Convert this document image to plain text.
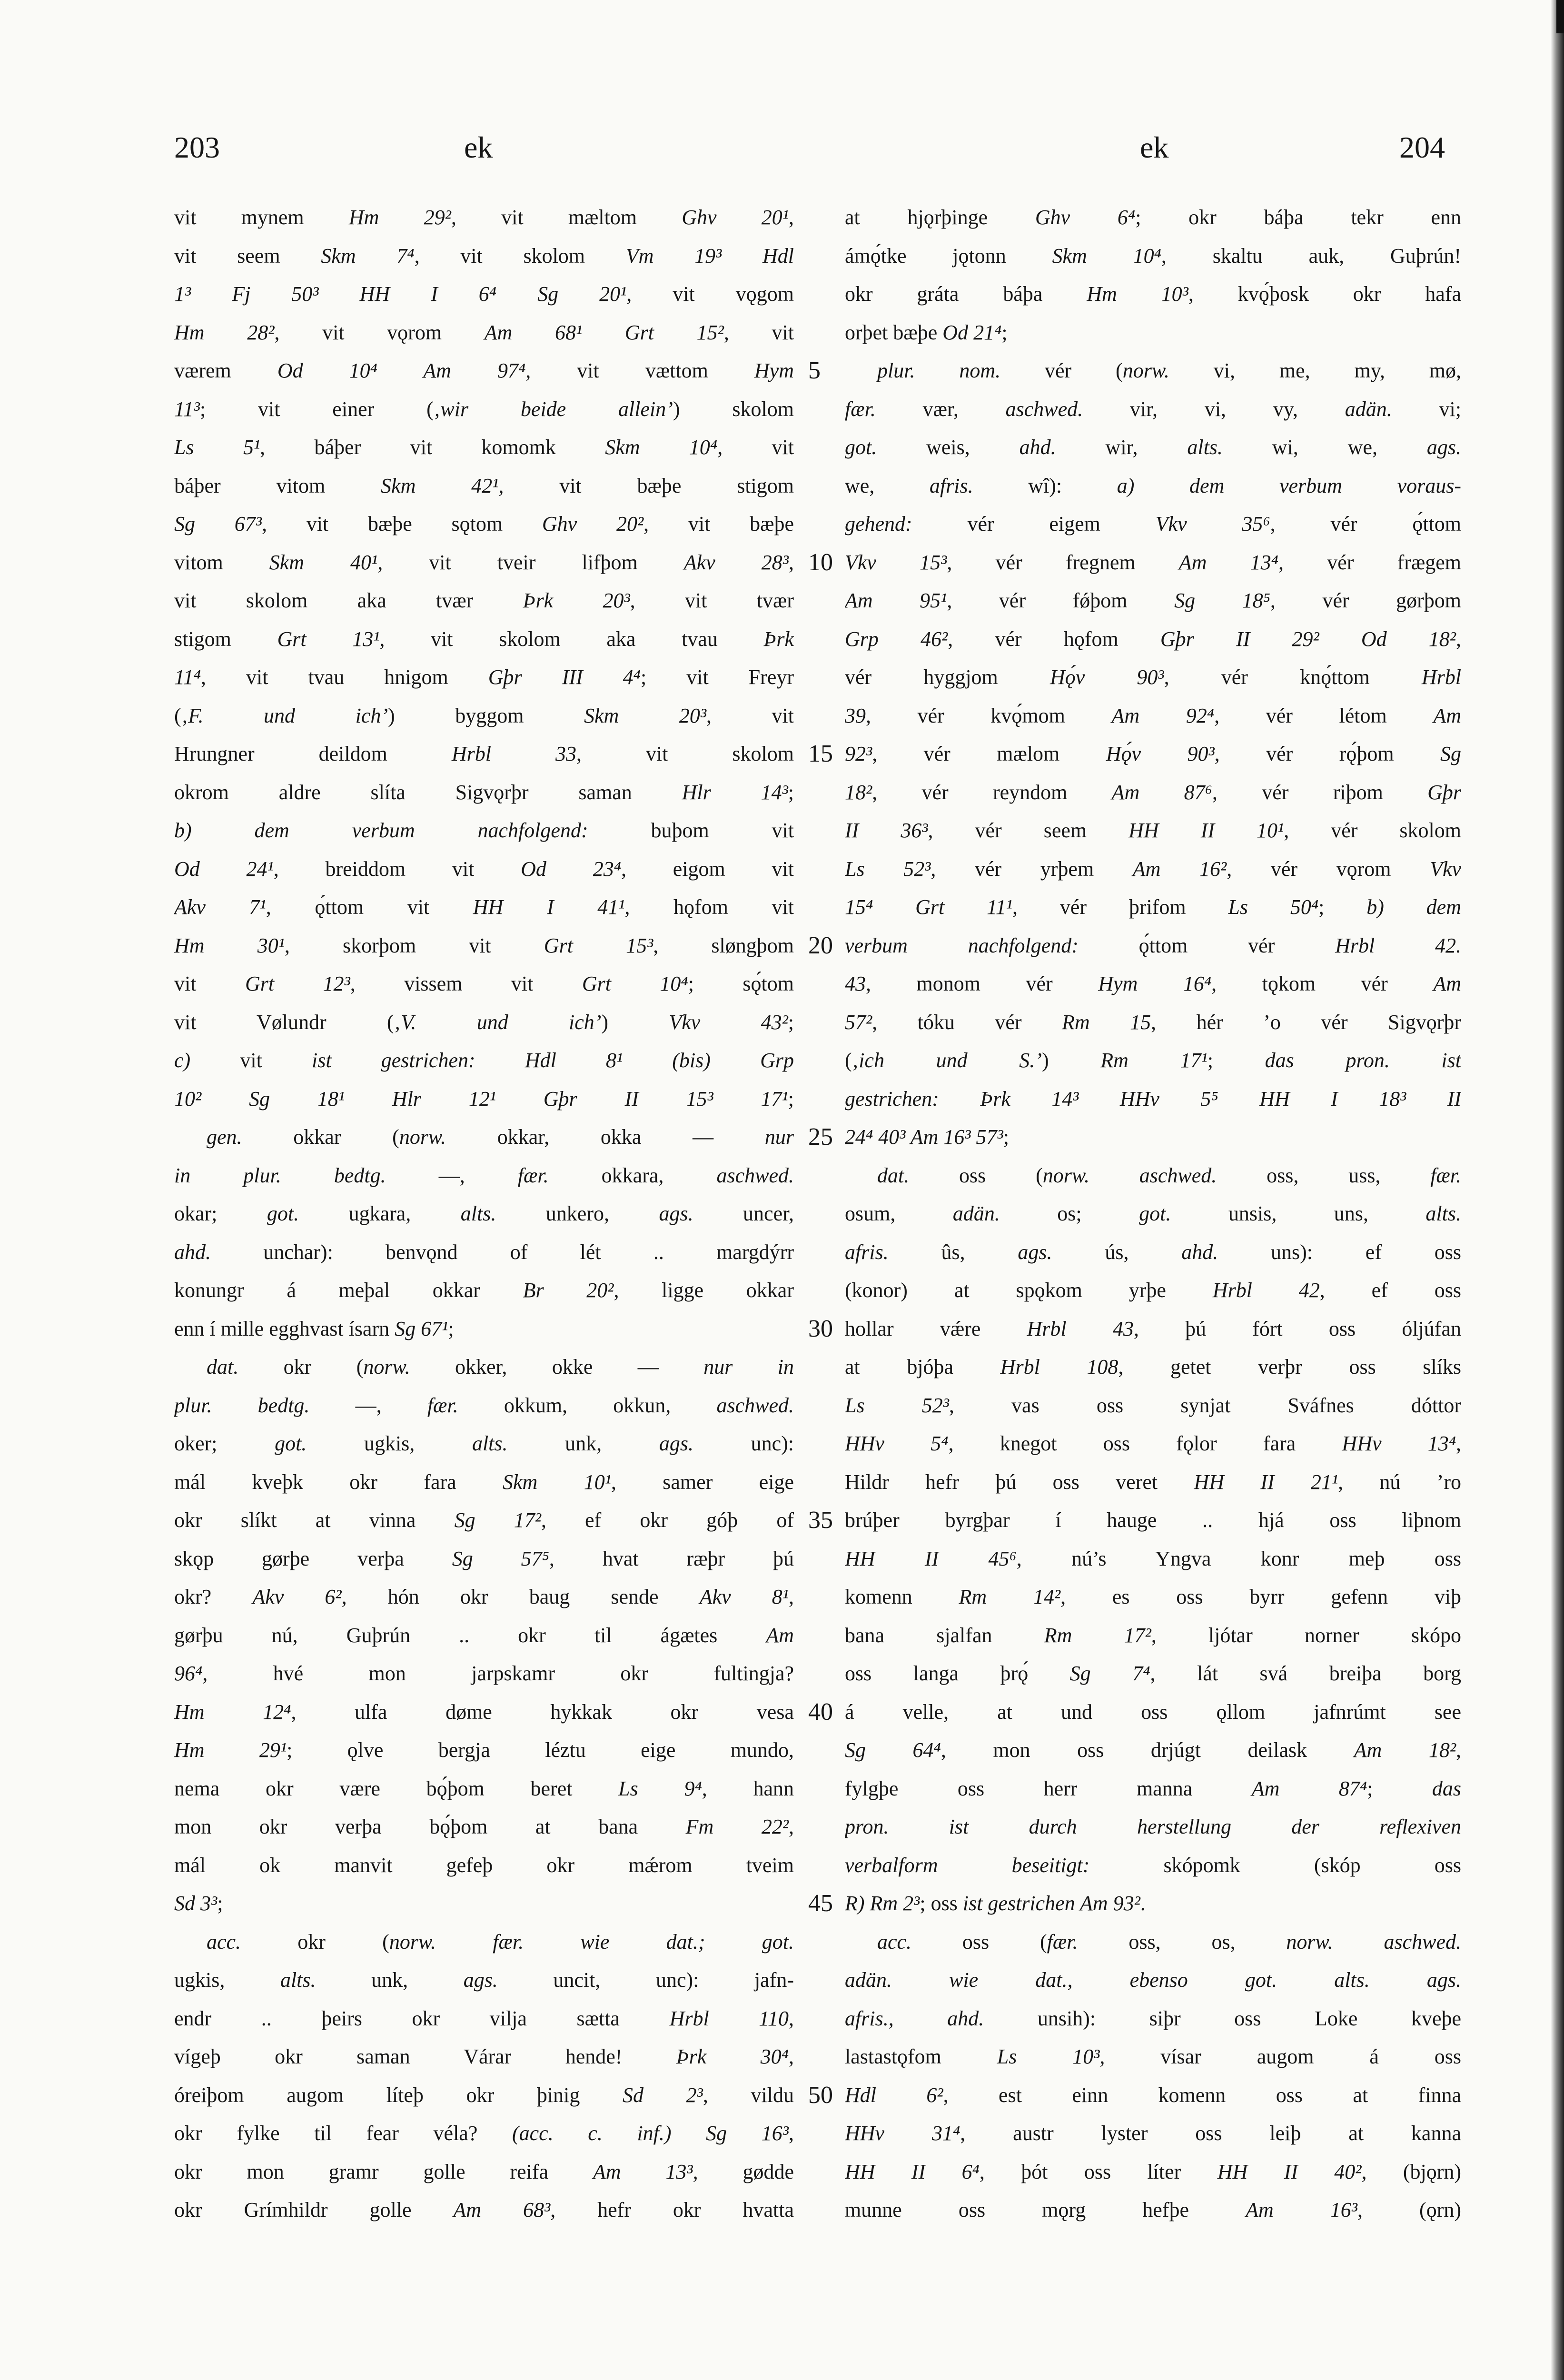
203	ek	ek	204
vit mynem Hm 29², vit mæltom Ghv 20¹,
vit seem Skm 7⁴, vit skolom Vm 19³ Hdl
1³ Fj 50³ HH I 6⁴ Sg 20¹, vit vǫgom
Hm 28², vit vǫrom Am 68¹ Grt 15², vit
værem Od 10⁴ Am 97⁴, vit vættom Hym
11³; vit einer (‚wir beide allein’) skolom
Ls 5¹, báþer vit komomk Skm 10⁴, vit
báþer vitom Skm 42¹, vit bæþe stigom
Sg 67³, vit bæþe sǫtom Ghv 20², vit bæþe
vitom Skm 40¹, vit tveir lifþom Akv 28³,
vit skolom aka tvær Þrk 20³, vit tvær
stigom Grt 13¹, vit skolom aka tvau Þrk
11⁴, vit tvau hnigom Gþr III 4⁴; vit Freyr
(‚F. und ich’) byggom Skm 20³, vit
Hrungner deildom Hrbl 33, vit skolom
okrom aldre slíta Sigvǫrþr saman Hlr 14³;
b) dem verbum nachfolgend: buþom vit
Od 24¹, breiddom vit Od 23⁴, eigom vit
Akv 7¹, ǫ́ttom vit HH I 41¹, hǫfom vit
Hm 30¹, skorþom vit Grt 15³, sløngþom
vit Grt 12³, vissem vit Grt 10⁴; sǫ́tom
vit Vølundr (‚V. und ich’) Vkv 43²;
c) vit ist gestrichen: Hdl 8¹ (bis) Grp
10² Sg 18¹ Hlr 12¹ Gþr II 15³ 17¹;
gen. okkar (norw. okkar, okka — nur
in plur. bedtg. —, fær. okkara, aschwed.
okar; got. ugkara, alts. unkero, ags. uncer,
ahd. unchar): benvǫnd of lét .. margdýrr
konungr á meþal okkar Br 20², ligge okkar
enn í mille egghvast ísarn Sg 67¹;
dat. okr (norw. okker, okke — nur in
plur. bedtg. —, fær. okkum, okkun, aschwed.
oker; got. ugkis, alts. unk, ags. unc):
mál kveþk okr fara Skm 10¹, samer eige
okr slíkt at vinna Sg 17², ef okr góþ of
skǫp gørþe verþa Sg 57⁵, hvat ræþr þú
okr? Akv 6², hón okr baug sende Akv 8¹,
gørþu nú, Guþrún .. okr til ágætes Am
96⁴, hvé mon jarpskamr okr fultingja?
Hm 12⁴, ulfa døme hykkak okr vesa
Hm 29¹; ǫlve bergja léztu eige mundo,
nema okr være bǫ́þom beret Ls 9⁴, hann
mon okr verþa bǫ́þom at bana Fm 22²,
mál ok manvit gefeþ okr mǽrom tveim
Sd 3³;
acc. okr (norw. fær. wie dat.; got.
ugkis, alts. unk, ags. uncit, unc): jafn-
endr .. þeirs okr vilja sætta Hrbl 110,
vígeþ okr saman Várar hende! Þrk 30⁴,
óreiþom augom líteþ okr þinig Sd 2³, vildu
okr fylke til fear véla? (acc. c. inf.) Sg 16³,
okr mon gramr golle reifa Am 13³, gødde
okr Grímhildr golle Am 68³, hefr okr hvatta
at hjǫrþinge Ghv 6⁴; okr báþa tekr enn
ámǫ́tke jǫtonn Skm 10⁴, skaltu auk, Guþrún!
okr gráta báþa Hm 10³, kvǫ́þosk okr hafa
orþet bæþe Od 21⁴;
plur. nom. vér (norw. vi, me, my, mø,
fær. vær, aschwed. vir, vi, vy, adän. vi;
got. weis, ahd. wir, alts. wi, we, ags.
we, afris. wî): a) dem verbum voraus-
gehend: vér eigem Vkv 35⁶, vér ǫ́ttom
Vkv 15³, vér fregnem Am 13⁴, vér frægem
Am 95¹, vér fǿþom Sg 18⁵, vér gørþom
Grp 46², vér hǫfom Gþr II 29² Od 18²,
vér hyggjom Hǫ́v 90³, vér knǫ́ttom Hrbl
39, vér kvǫ́mom Am 92⁴, vér létom Am
92³, vér mælom Hǫ́v 90³, vér rǫ́þom Sg
18², vér reyndom Am 87⁶, vér riþom Gþr
II 36³, vér seem HH II 10¹, vér skolom
Ls 52³, vér yrþem Am 16², vér vǫrom Vkv
15⁴ Grt 11¹, vér þrifom Ls 50⁴; b) dem
verbum nachfolgend: ǫ́ttom vér Hrbl 42.
43, monom vér Hym 16⁴, tǫkom vér Am
57², tóku vér Rm 15, hér ’o vér Sigvǫrþr
(‚ich und S.’) Rm 17¹; das pron. ist
gestrichen: Þrk 14³ HHv 5⁵ HH I 18³ II
24⁴ 40³ Am 16³ 57³;
dat. oss (norw. aschwed. oss, uss, fær.
osum, adän. os; got. unsis, uns, alts.
afris. ûs, ags. ús, ahd. uns): ef oss
(konor) at spǫkom yrþe Hrbl 42, ef oss
hollar vǽre Hrbl 43, þú fórt oss óljúfan
at bjóþa Hrbl 108, getet verþr oss slíks
Ls 52³, vas oss synjat Sváfnes dóttor
HHv 5⁴, knegot oss fǫlor fara HHv 13⁴,
Hildr hefr þú oss veret HH II 21¹, nú ’ro
brúþer byrgþar í hauge .. hjá oss liþnom
HH II 45⁶, nú’s Yngva konr meþ oss
komenn Rm 14², es oss byrr gefenn viþ
bana sjalfan Rm 17², ljótar norner skópo
oss langa þrǫ́ Sg 7⁴, lát svá breiþa borg
á velle, at und oss ǫllom jafnrúmt see
Sg 64⁴, mon oss drjúgt deilask Am 18²,
fylgþe oss herr manna Am 87⁴; das
pron. ist durch herstellung der reflexiven
verbalform beseitigt: skópomk (skóp oss
R) Rm 2³; oss ist gestrichen Am 93².
acc. oss (fær. oss, os, norw. aschwed.
adän. wie dat., ebenso got. alts. ags.
afris., ahd. unsih): siþr oss Loke kveþe
lastastǫfom Ls 10³, vísar augom á oss
Hdl 6², est einn komenn oss at finna
HHv 31⁴, austr lyster oss leiþ at kanna
HH II 6⁴, þót oss líter HH II 40², (bjǫrn)
munne oss mǫrg hefþe Am 16³, (ǫrn)
5
10
15
20
25
30
35
40
45
50
